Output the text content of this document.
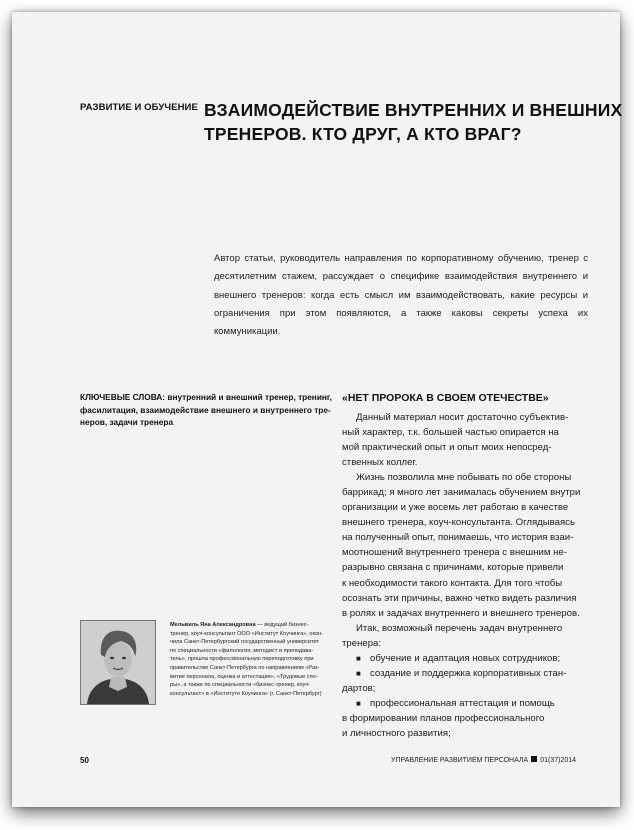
РАЗВИТИЕ И ОБУЧЕНИЕ ВЗАИМОДЕЙСТВИЕ ВНУТРЕННИХ И ВНЕШНИХ
ТРЕНЕРОВ. КТО ДРУГ, А КТО ВРАГ?
Автор статьи, руководитель направления по корпоративному обучению, тренер с десятилетним стажем, рассуждает о специфике взаимодействия внутреннего и внешнего тренеров: когда есть смысл им взаимодействовать, какие ресурсы и ограничения при этом появляются, а также каковы секреты успеха их коммуникации.
КЛЮЧЕВЫЕ СЛОВА: внутренний и внешний тренер, тренинг,
фасилитация, взаимодействие внешнего и внутреннего тре-
неров, задачи тренера
«НЕТ ПРОРОКА В СВОЕМ ОТЕЧЕСТВЕ»
Данный материал носит достаточно субъектив-
ный характер, т.к. большей частью опирается на
мой практический опыт и опыт моих непосред-
ственных коллег.
Жизнь позволила мне побывать по обе стороны
баррикад; я много лет занималась обучением внутри
организации и уже восемь лет работаю в качестве
внешнего тренера, коуч-консультанта. Оглядываясь
на полученный опыт, понимаешь, что история взаи-
моотношений внутреннего тренера с внешним не-
разрывно связана с причинами, которые привели
к необходимости такого контакта. Для того чтобы
осознать эти причины, важно четко видеть различия
в ролях и задачах внутреннего и внешнего тренеров.
Итак, возможный перечень задач внутреннего
тренера:
■ обучение и адаптация новых сотрудников;
■ создание и поддержка корпоративных стан-
дартов;
■ профессиональная аттестация и помощь
в формировании планов профессионального
и личностного развития;
Мельвиль Яна Александровна — ведущий бизнес-
тренер, коуч-консультант ООО «Институт Коучинга», окон-
чила Санкт-Петербургский государственный университет
по специальности «филология, методист и преподава-
тель», прошла профессиональную переподготовку при
правительстве Санкт-Петербурга по направлениям «Раз-
витие персонала, оценка и аттестация», «Трудовые спо-
ры», а также по специальности «бизнес-тренер, коуч-
консультант» в «Институте Коучинга» (г. Санкт-Петербург)
50	УПРАВЛЕНИЕ РАЗВИТИЕМ ПЕРСОНАЛА 01(37)2014
